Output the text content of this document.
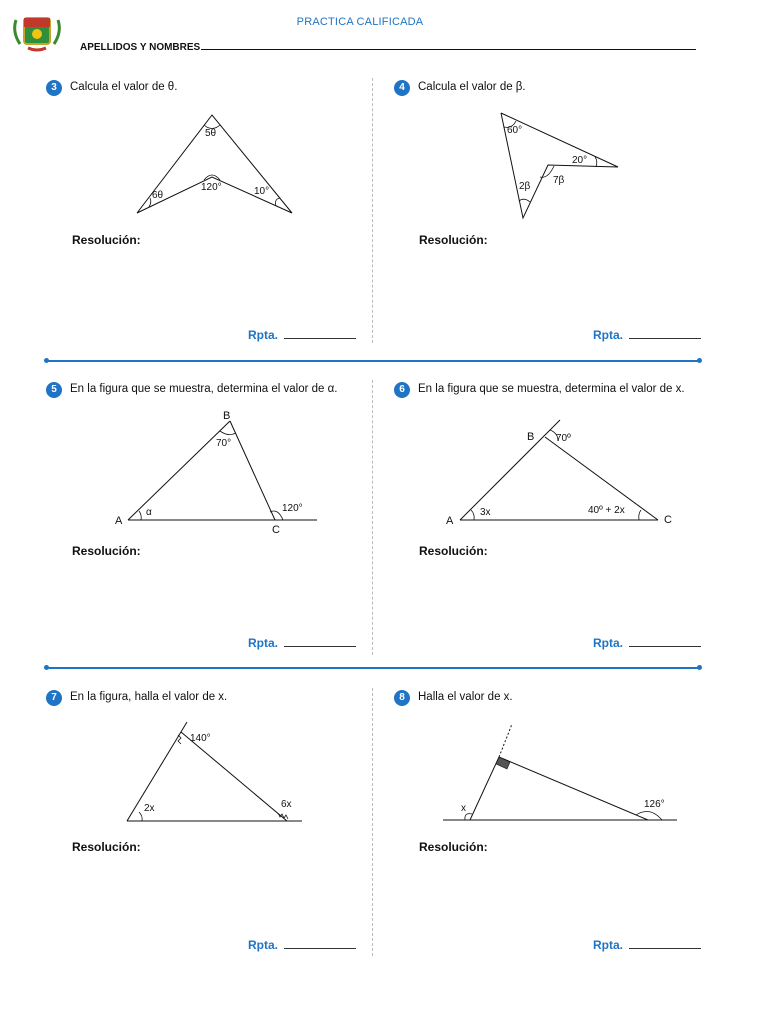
PRACTICA CALIFICADA
APELLIDOS Y NOMBRES
3	Calcula el valor de θ.
5θ
6θ
120°	10°
Resolución:
Rpta.
4	Calcula el valor de β.
60°
20°
7β
2β
Resolución:
Rpta.
5	En la figura que se muestra, determina el valor de α.
B
70°
α
A
120°
C
Resolución:
Rpta.
6	En la figura que se muestra, determina el valor de x.
B 70º
A
3x	40º + 2x
C
Resolución:
Rpta.
7	En la figura, halla el valor de x.
140°
2x	6x
Resolución:
Rpta.
8	Halla el valor de x.
x	126°
Resolución:
Rpta.
